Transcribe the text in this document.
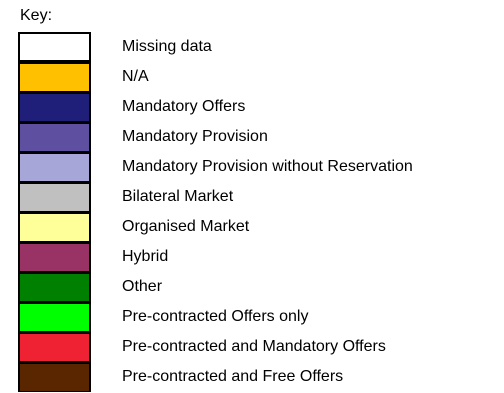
Key:
Missing data
N/A
Mandatory Offers
Mandatory Provision
Mandatory Provision without Reservation
Bilateral Market
Organised Market
Hybrid
Other
Pre-contracted Offers only
Pre-contracted and Mandatory Offers
Pre-contracted and Free Offers
